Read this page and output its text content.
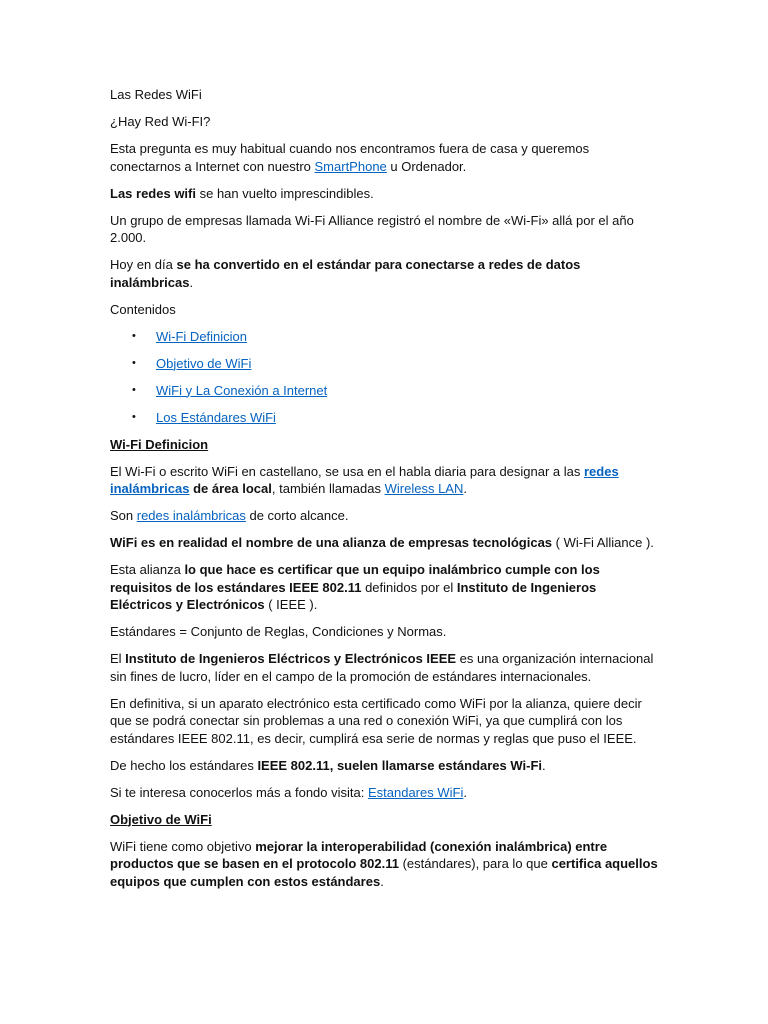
Las Redes WiFi

¿Hay Red Wi-FI?

Esta pregunta es muy habitual cuando nos encontramos fuera de casa y queremos conectarnos a Internet con nuestro SmartPhone u Ordenador.

Las redes wifi se han vuelto imprescindibles.

Un grupo de empresas llamada Wi-Fi Alliance registró el nombre de «Wi-Fi» allá por el año 2.000.

Hoy en día se ha convertido en el estándar para conectarse a redes de datos inalámbricas.

Contenidos

• Wi-Fi Definicion
• Objetivo de WiFi
• WiFi y La Conexión a Internet
• Los Estándares WiFi

Wi-Fi Definicion

El Wi-Fi o escrito WiFi en castellano, se usa en el habla diaria para designar a las redes inalámbricas de área local, también llamadas Wireless LAN.

Son redes inalámbricas de corto alcance.

WiFi es en realidad el nombre de una alianza de empresas tecnológicas ( Wi-Fi Alliance ).

Esta alianza lo que hace es certificar que un equipo inalámbrico cumple con los requisitos de los estándares IEEE 802.11 definidos por el Instituto de Ingenieros Eléctricos y Electrónicos ( IEEE ).

Estándares = Conjunto de Reglas, Condiciones y Normas.

El Instituto de Ingenieros Eléctricos y Electrónicos IEEE es una organización internacional sin fines de lucro, líder en el campo de la promoción de estándares internacionales.

En definitiva, si un aparato electrónico esta certificado como WiFi por la alianza, quiere decir que se podrá conectar sin problemas a una red o conexión WiFi, ya que cumplirá con los estándares IEEE 802.11, es decir, cumplirá esa serie de normas y reglas que puso el IEEE.

De hecho los estándares IEEE 802.11, suelen llamarse estándares Wi-Fi.

Si te interesa conocerlos más a fondo visita: Estandares WiFi.

Objetivo de WiFi

WiFi tiene como objetivo mejorar la interoperabilidad (conexión inalámbrica) entre productos que se basen en el protocolo 802.11 (estándares), para lo que certifica aquellos equipos que cumplen con estos estándares.
